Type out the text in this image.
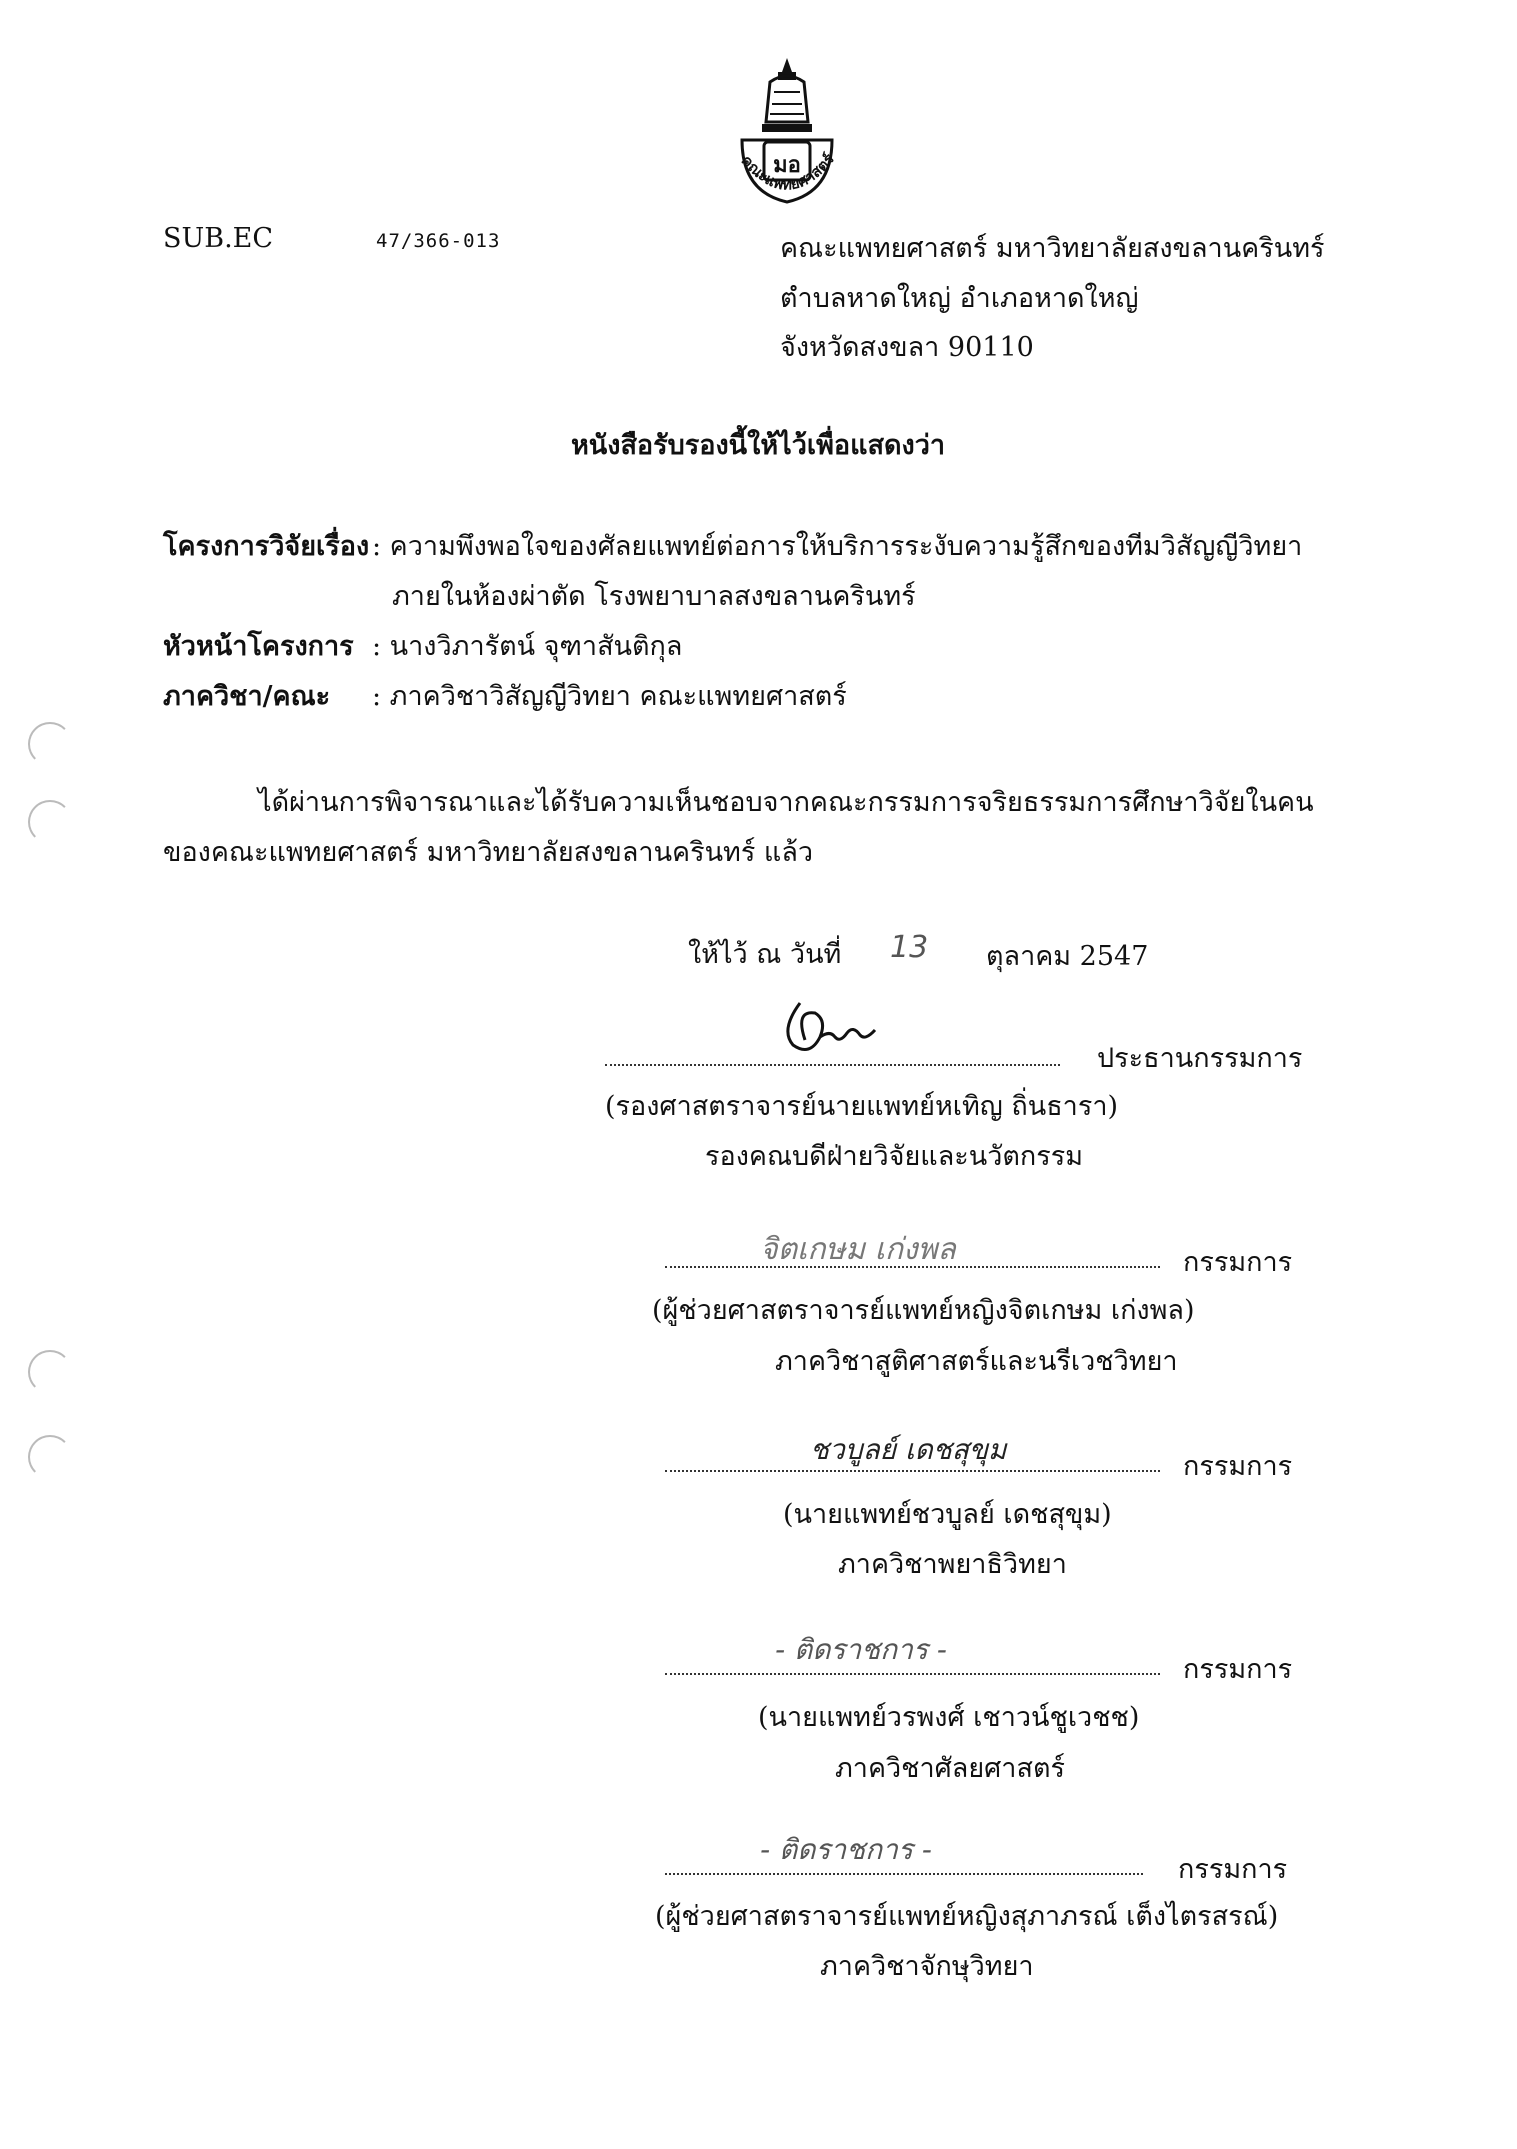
มอ
คณะแพทยศาสตร์
SUB.EC	47/366-013	คณะแพทยศาสตร์ มหาวิทยาลัยสงขลานครินทร์
ตำบลหาดใหญ่ อำเภอหาดใหญ่
จังหวัดสงขลา 90110
หนังสือรับรองนี้ให้ไว้เพื่อแสดงว่า
โครงการวิจัยเรื่อง : ความพึงพอใจของศัลยแพทย์ต่อการให้บริการระงับความรู้สึกของทีมวิสัญญีวิทยา
ภายในห้องผ่าตัด โรงพยาบาลสงขลานครินทร์
หัวหน้าโครงการ : นางวิภารัตน์ จุฑาสันติกุล
ภาควิชา/คณะ : ภาควิชาวิสัญญีวิทยา คณะแพทยศาสตร์
ได้ผ่านการพิจารณาและได้รับความเห็นชอบจากคณะกรรมการจริยธรรมการศึกษาวิจัยในคน
ของคณะแพทยศาสตร์ มหาวิทยาลัยสงขลานครินทร์ แล้ว
ให้ไว้ ณ วันที่ 13 ตุลาคม 2547
ประธานกรรมการ
(รองศาสตราจารย์นายแพทย์หเทิญ ถิ่นธารา)
รองคณบดีฝ่ายวิจัยและนวัตกรรม
จิตเกษม เก่งพล	กรรมการ
(ผู้ช่วยศาสตราจารย์แพทย์หญิงจิตเกษม เก่งพล)
ภาควิชาสูติศาสตร์และนรีเวชวิทยา
ชวบูลย์ เดชสุขุม
กรรมการ
(นายแพทย์ชวบูลย์ เดชสุขุม)
ภาควิชาพยาธิวิทยา
- ติดราชการ -
กรรมการ
(นายแพทย์วรพงศ์ เชาวน์ชูเวชช)
ภาควิชาศัลยศาสตร์
- ติดราชการ -
กรรมการ
(ผู้ช่วยศาสตราจารย์แพทย์หญิงสุภาภรณ์ เต็งไตรสรณ์)
ภาควิชาจักษุวิทยา
